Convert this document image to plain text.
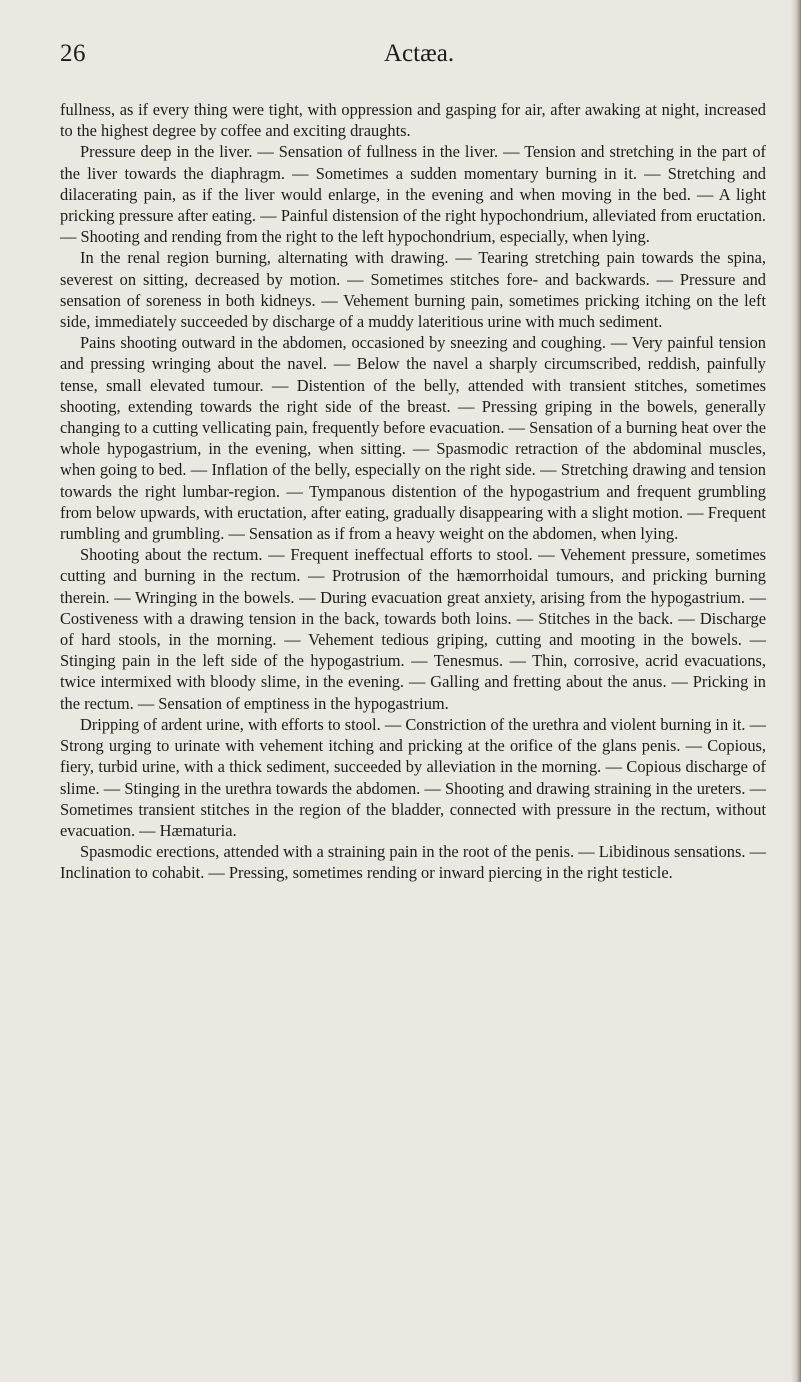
26	Actæa.

fullness, as if every thing were tight, with oppression and gasping for air, after awaking at night, increased to the highest degree by coffee and exciting draughts.

Pressure deep in the liver. — Sensation of fullness in the liver. — Tension and stretching in the part of the liver towards the diaphragm. — Sometimes a sudden momentary burning in it. — Stretching and dilacerating pain, as if the liver would enlarge, in the evening and when moving in the bed. — A light pricking pressure after eating. — Painful distension of the right hypochondrium, alleviated from eructation. — Shooting and rending from the right to the left hypochondrium, especially, when lying.

In the renal region burning, alternating with drawing. — Tearing stretching pain towards the spina, severest on sitting, decreased by motion. — Sometimes stitches fore- and backwards. — Pressure and sensation of soreness in both kidneys. — Vehement burning pain, sometimes pricking itching on the left side, immediately succeeded by discharge of a muddy lateritious urine with much sediment.

Pains shooting outward in the abdomen, occasioned by sneezing and coughing. — Very painful tension and pressing wringing about the navel. — Below the navel a sharply circumscribed, reddish, painfully tense, small elevated tumour. — Distention of the belly, attended with transient stitches, sometimes shooting, extending towards the right side of the breast. — Pressing griping in the bowels, generally changing to a cutting vellicating pain, frequently before evacuation. — Sensation of a burning heat over the whole hypogastrium, in the evening, when sitting. — Spasmodic retraction of the abdominal muscles, when going to bed. — Inflation of the belly, especially on the right side. — Stretching drawing and tension towards the right lumbar-region. — Tympanous distention of the hypogastrium and frequent grumbling from below upwards, with eructation, after eating, gradually disappearing with a slight motion. — Frequent rumbling and grumbling. — Sensation as if from a heavy weight on the abdomen, when lying.

Shooting about the rectum. — Frequent ineffectual efforts to stool. — Vehement pressure, sometimes cutting and burning in the rectum. — Protrusion of the hæmorrhoidal tumours, and pricking burning therein. — Wringing in the bowels. — During evacuation great anxiety, arising from the hypogastrium. — Costiveness with a drawing tension in the back, towards both loins. — Stitches in the back. — Discharge of hard stools, in the morning. — Vehement tedious griping, cutting and mooting in the bowels. — Stinging pain in the left side of the hypogastrium. — Tenesmus. — Thin, corrosive, acrid evacuations, twice intermixed with bloody slime, in the evening. — Galling and fretting about the anus. — Pricking in the rectum. — Sensation of emptiness in the hypogastrium.

Dripping of ardent urine, with efforts to stool. — Constriction of the urethra and violent burning in it. — Strong urging to urinate with vehement itching and pricking at the orifice of the glans penis. — Copious, fiery, turbid urine, with a thick sediment, succeeded by alleviation in the morning. — Copious discharge of slime. — Stinging in the urethra towards the abdomen. — Shooting and drawing straining in the ureters. — Sometimes transient stitches in the region of the bladder, connected with pressure in the rectum, without evacuation. — Hæmaturia.

Spasmodic erections, attended with a straining pain in the root of the penis. — Libidinous sensations. — Inclination to cohabit. — Pressing, sometimes rending or inward piercing in the right testicle.
